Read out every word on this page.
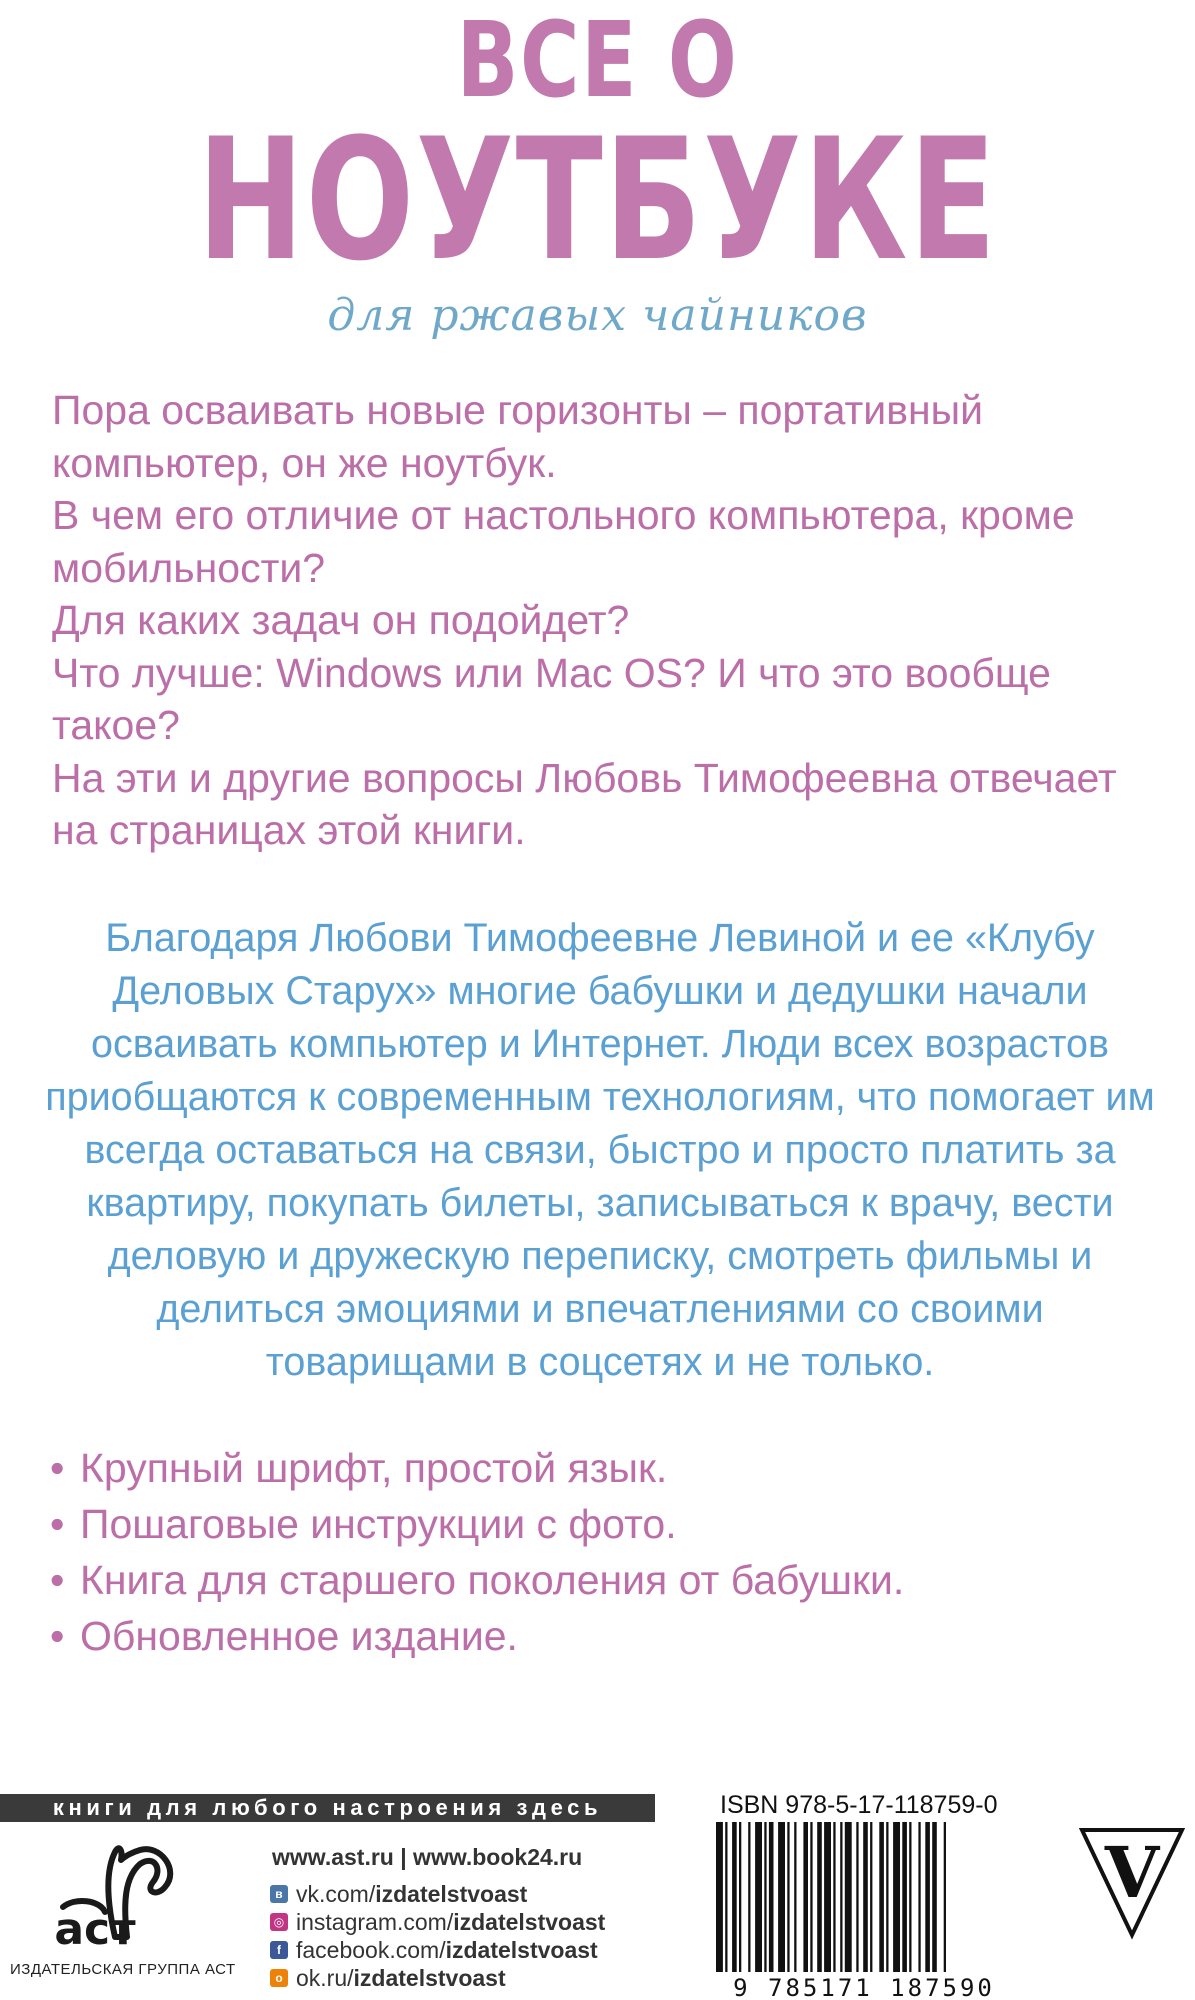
ВСЕ О
НОУТБУКЕ
для ржавых чайников

Пора осваивать новые горизонты – портативный компьютер, он же ноутбук.

В чем его отличие от настольного компьютера, кроме мобильности?

Для каких задач он подойдет?

Что лучше: Windows или Mac OS? И что это вообще такое?

На эти и другие вопросы Любовь Тимофеевна отвечает на страницах этой книги.

Благодаря Любови Тимофеевне Левиной и ее «Клубу Деловых Старух» многие бабушки и дедушки начали осваивать компьютер и Интернет. Люди всех возрастов приобщаются к современным технологиям, что помогает им всегда оставаться на связи, быстро и просто платить за квартиру, покупать билеты, записываться к врачу, вести деловую и дружескую переписку, смотреть фильмы и делиться эмоциями и впечатлениями со своими товарищами в соцсетях и не только.
• Крупный шрифт, простой язык.
• Пошаговые инструкции с фото.
• Книга для старшего поколения от бабушки.
• Обновленное издание.
книги для любого настроения здесь
аст
ИЗДАТЕЛЬСКАЯ ГРУППА АСТ
www.ast.ru | www.book24.ru
в vk.com/ izdatelstvoast
◎ instagram.com/ izdatelstvoast
f facebook.com/ izdatelstvoast
о ok.ru/ izdatelstvoast
ISBN 978-5-17-118759-0
9 785171 187590
V
